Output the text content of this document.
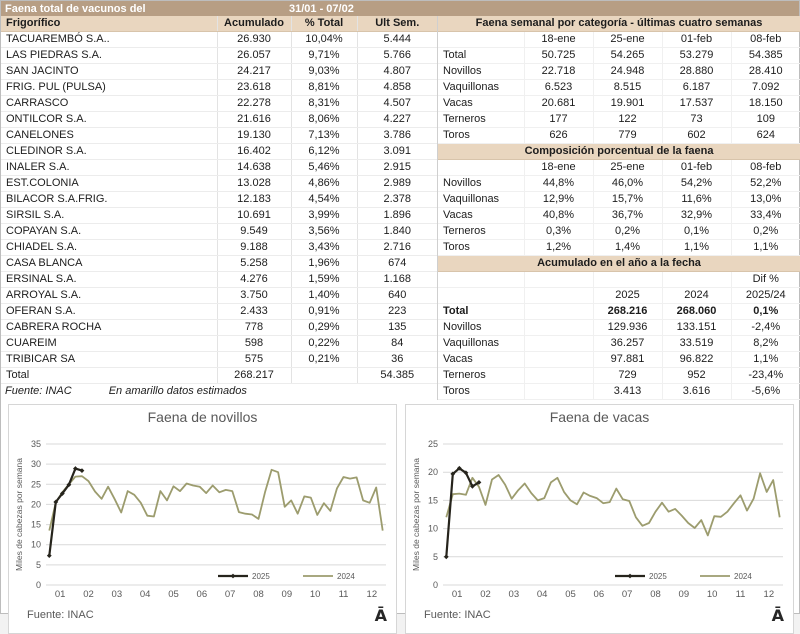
Faena total de vacunos del	31/01 - 07/02
Frigorífico	Acumulado	% Total	Ult Sem.
TACUAREMBÓ S.A..	26.930	10,04%	5.444
LAS PIEDRAS S.A.	26.057	9,71%	5.766
SAN JACINTO	24.217	9,03%	4.807
FRIG. PUL (PULSA)	23.618	8,81%	4.858
CARRASCO	22.278	8,31%	4.507
ONTILCOR S.A.	21.616	8,06%	4.227
CANELONES	19.130	7,13%	3.786
CLEDINOR S.A.	16.402	6,12%	3.091
INALER S.A.	14.638	5,46%	2.915
EST.COLONIA	13.028	4,86%	2.989
BILACOR S.A.FRIG.	12.183	4,54%	2.378
SIRSIL S.A.	10.691	3,99%	1.896
COPAYAN S.A.	9.549	3,56%	1.840
CHIADEL S.A.	9.188	3,43%	2.716
CASA BLANCA	5.258	1,96%	674
ERSINAL S.A.	4.276	1,59%	1.168
ARROYAL S.A.	3.750	1,40%	640
OFERAN S.A.	2.433	0,91%	223
CABRERA ROCHA	778	0,29%	135
CUAREIM	598	0,22%	84
TRIBICAR SA	575	0,21%	36
Total	268.217		54.385
Fuente: INAC	En amarillo datos estimados
Faena semanal por categoría - últimas cuatro semanas				
	18-ene	25-ene	01-feb	08-feb
Total	50.725	54.265	53.279	54.385
Novillos	22.718	24.948	28.880	28.410
Vaquillonas	6.523	8.515	6.187	7.092
Vacas	20.681	19.901	17.537	18.150
Terneros	177	122	73	109
Toros	626	779	602	624
Composición porcentual de la faena				
	18-ene	25-ene	01-feb	08-feb
Novillos	44,8%	46,0%	54,2%	52,2%
Vaquillonas	12,9%	15,7%	11,6%	13,0%
Vacas	40,8%	36,7%	32,9%	33,4%
Terneros	0,3%	0,2%	0,1%	0,2%
Toros	1,2%	1,4%	1,1%	1,1%
Acumulado en el año a la fecha				
				Dif %
		2025	2024	2025/24
Total		268.216	268.060	0,1%
Novillos		129.936	133.151	-2,4%
Vaquillonas		36.257	33.519	8,2%
Vacas		97.881	96.822	1,1%
Terneros		729	952	-23,4%
Toros		3.413	3.616	-5,6%
Faena de novillos
0
5
10
15
20
25
30
35
01 02 03 04 05 06 07 08 09 10 11 12
Miles de cabezas por semana
2025	2024
Fuente: INAC	Ā
Faena de vacas
0
5
10
15
20
25
01 02 03 04 05 06 07 08 09 10 11 12
Miles de cabezas por semana
2025	2024
Fuente: INAC	Ā
